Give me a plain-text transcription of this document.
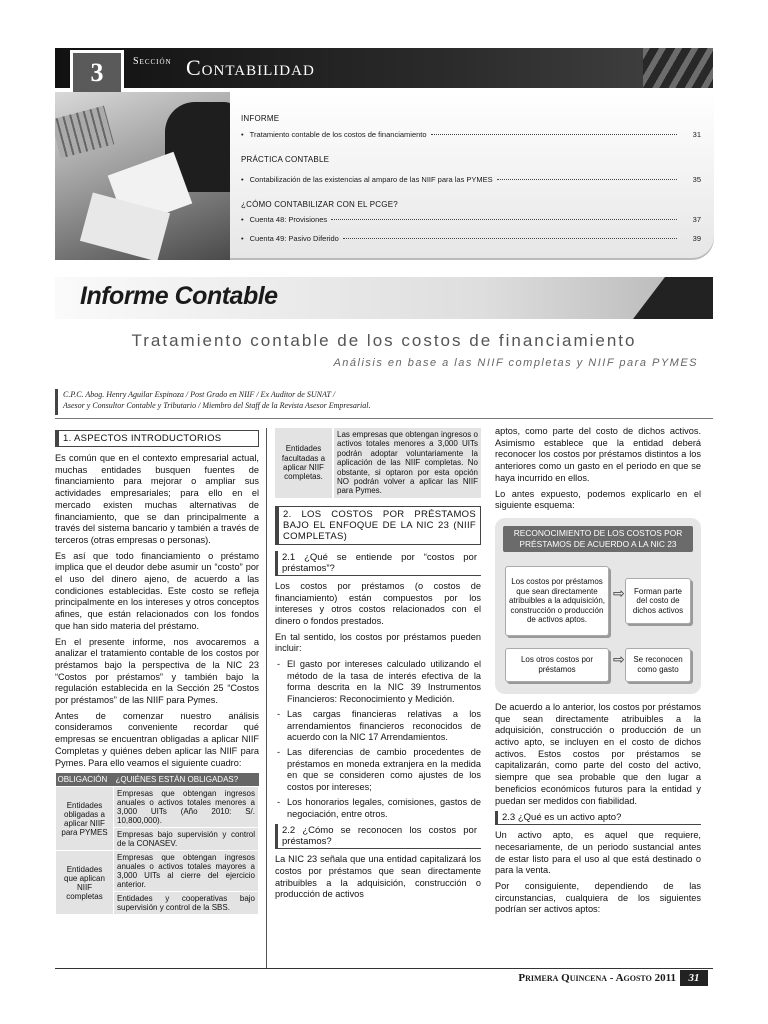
3	Sección Contabilidad
INFORME
• Tratamiento contable de los costos de financiamiento	31
PRÁCTICA CONTABLE
• Contabilización de las existencias al amparo de las NIIF para las PYMES	35
¿CÓMO CONTABILIZAR CON EL PCGE?
• Cuenta 48: Provisiones	37
• Cuenta 49: Pasivo Diferido	39
Informe Contable
Tratamiento contable de los costos de financiamiento
Análisis en base a las NIIF completas y NIIF para PYMES
C.P.C. Abog. Henry Aguilar Espinoza / Post Grado en NIIF / Ex Auditor de SUNAT /
Asesor y Consultor Contable y Tributario / Miembro del Staff de la Revista Asesor Empresarial.
1. ASPECTOS INTRODUCTORIOS

Es común que en el contexto empresarial actual, muchas entidades busquen fuentes de financiamiento para mejorar o ampliar sus actividades empresariales; para ello en el mercado existen muchas alternativas de financiamiento, que se dan principalmente a través del sistema bancario y también a través de terceros (otras empresas o personas).

Es así que todo financiamiento o préstamo implica que el deudor debe asumir un “costo” por el uso del dinero ajeno, de acuerdo a las condiciones establecidas. Este costo se refleja principalmente en los intereses y otros conceptos afines, que están relacionados con los fondos que han sido materia del préstamo.

En el presente informe, nos avocaremos a analizar el tratamiento contable de los costos por préstamos bajo la perspectiva de la NIC 23 “Costos por préstamos” y también bajo la regulación establecida en la Sección 25 “Costos por préstamos” de las NIIF para Pymes.

Antes de comenzar nuestro análisis consideramos conveniente recordar qué empresas se encuentran obligadas a aplicar NIIF Completas y quiénes deben aplicar las NIIF para Pymes. Para ello veamos el siguiente cuadro:

OBLIGACIÓN	¿QUIÉNES ESTÁN OBLIGADAS?
Entidades obligadas a aplicar NIIF para PYMES	Empresas que obtengan ingresos anuales o activos totales menores a 3,000 UITs (Año 2010: S/. 10,800,000).
	Empresas bajo supervisión y control de la CONASEV.
Entidades que aplican NIIF completas	Empresas que obtengan ingresos anuales o activos totales mayores a 3,000 UITs al cierre del ejercicio anterior.
	Entidades y cooperativas bajo supervisión y control de la SBS.
Entidades facultadas a aplicar NIIF completas.	Las empresas que obtengan ingresos o activos totales menores a 3,000 UITs podrán adoptar voluntariamente la aplicación de las NIIF completas. No obstante, si optaron por esta opción NO podrán volver a aplicar las NIIF para Pymes.
2. LOS COSTOS POR PRÉSTAMOS BAJO EL ENFOQUE DE LA NIC 23 (NIIF COMPLETAS)
2.1 ¿Qué se entiende por “costos por préstamos”?

Los costos por préstamos (o costos de financiamiento) están compuestos por los intereses y otros costos relacionados con el dinero o fondos prestados.

En tal sentido, los costos por préstamos pueden incluir:

- El gasto por intereses calculado utilizando el método de la tasa de interés efectiva de la forma descrita en la NIC 39 Instrumentos Financieros: Reconocimiento y Medición.
- Las cargas financieras relativas a los arrendamientos financieros reconocidos de acuerdo con la NIC 17 Arrendamientos.
- Las diferencias de cambio procedentes de préstamos en moneda extranjera en la medida en que se consideren como ajustes de los costos por intereses;
- Los honorarios legales, comisiones, gastos de negociación, entre otros.
2.2 ¿Cómo se reconocen los costos por préstamos?

La NIC 23 señala que una entidad capitalizará los costos por préstamos que sean directamente atribuibles a la adquisición, construcción o producción de activos

aptos, como parte del costo de dichos activos. Asimismo establece que la entidad deberá reconocer los costos por préstamos distintos a los anteriores como un gasto en el periodo en que se haya incurrido en ellos.

Lo antes expuesto, podemos explicarlo en el siguiente esquema:

RECONOCIMIENTO DE LOS COSTOS POR PRÉSTAMOS DE ACUERDO A LA NIC 23
Los costos por préstamos que sean directamente atribuibles a la adquisición, construcción o producción de activos aptos.
⇨	Forman parte del costo de dichos activos
Los otros costos por préstamos
⇨	Se reconocen como gasto

De acuerdo a lo anterior, los costos por préstamos que sean directamente atribuibles a la adquisición, construcción o producción de un activo apto, se incluyen en el costo de dichos activos. Estos costos por préstamos se capitalizarán, como parte del costo del activo, siempre que sea probable que den lugar a beneficios económicos futuros para la entidad y puedan ser medidos con fiabilidad.

2.3 ¿Qué es un activo apto?

Un activo apto, es aquel que requiere, necesariamente, de un periodo sustancial antes de estar listo para el uso al que está destinado o para la venta.

Por consiguiente, dependiendo de las circunstancias, cualquiera de los siguientes podrían ser activos aptos:

Primera Quincena - Agosto 2011	31
